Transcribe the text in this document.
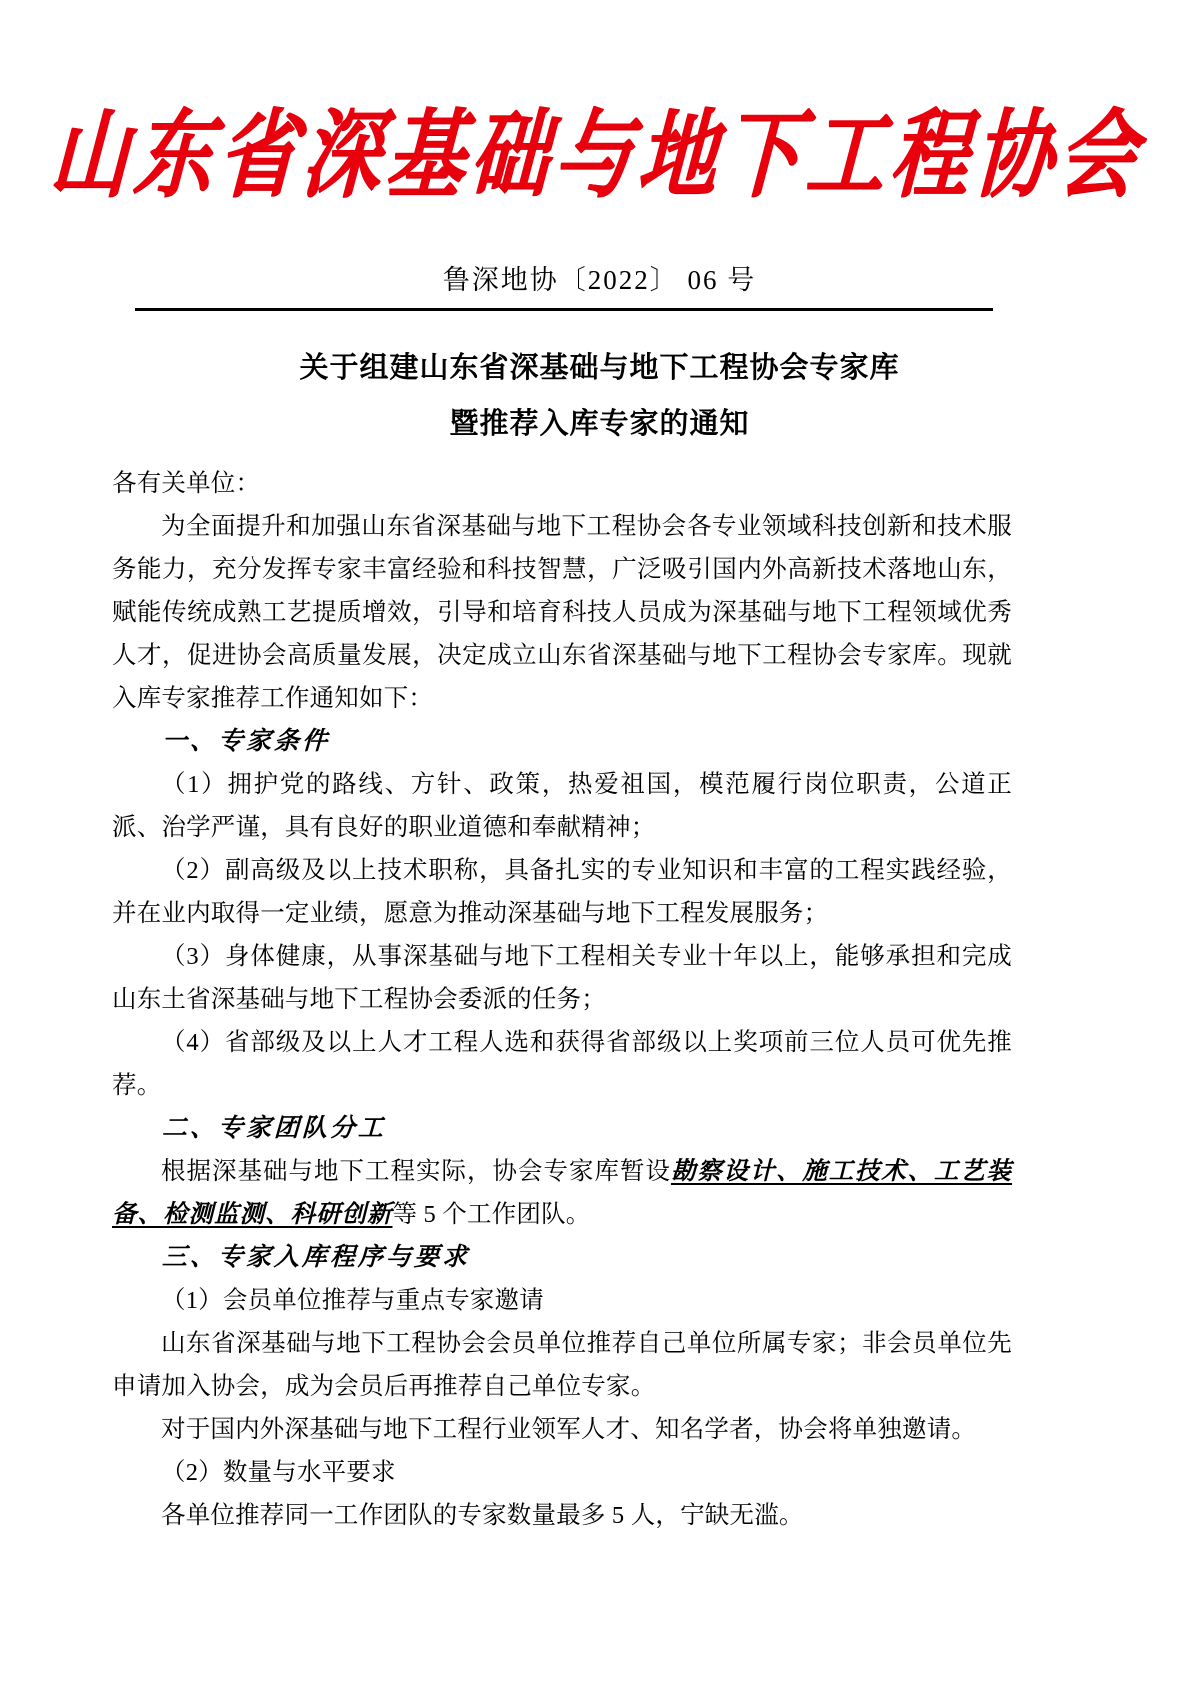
山东省深基础与地下工程协会
鲁深地协〔2022〕 06 号
关于组建山东省深基础与地下工程协会专家库
暨推荐入库专家的通知

各有关单位：

为全面提升和加强山东省深基础与地下工程协会各专业领域科技创新和技术服务能力，充分发挥专家丰富经验和科技智慧，广泛吸引国内外高新技术落地山东，赋能传统成熟工艺提质增效，引导和培育科技人员成为深基础与地下工程领域优秀人才，促进协会高质量发展，决定成立山东省深基础与地下工程协会专家库。现就入库专家推荐工作通知如下：

一、专家条件

（1）拥护党的路线、方针、政策，热爱祖国，模范履行岗位职责，公道正派、治学严谨，具有良好的职业道德和奉献精神；

（2）副高级及以上技术职称，具备扎实的专业知识和丰富的工程实践经验，并在业内取得一定业绩，愿意为推动深基础与地下工程发展服务；

（3）身体健康，从事深基础与地下工程相关专业十年以上，能够承担和完成山东土省深基础与地下工程协会委派的任务；

（4）省部级及以上人才工程人选和获得省部级以上奖项前三位人员可优先推荐。

二、专家团队分工

根据深基础与地下工程实际，协会专家库暂设勘察设计、施工技术、工艺装备、检测监测、科研创新等 5 个工作团队。

三、专家入库程序与要求

（1）会员单位推荐与重点专家邀请

山东省深基础与地下工程协会会员单位推荐自己单位所属专家；非会员单位先申请加入协会，成为会员后再推荐自己单位专家。

对于国内外深基础与地下工程行业领军人才、知名学者，协会将单独邀请。

（2）数量与水平要求

各单位推荐同一工作团队的专家数量最多 5 人，宁缺无滥。
